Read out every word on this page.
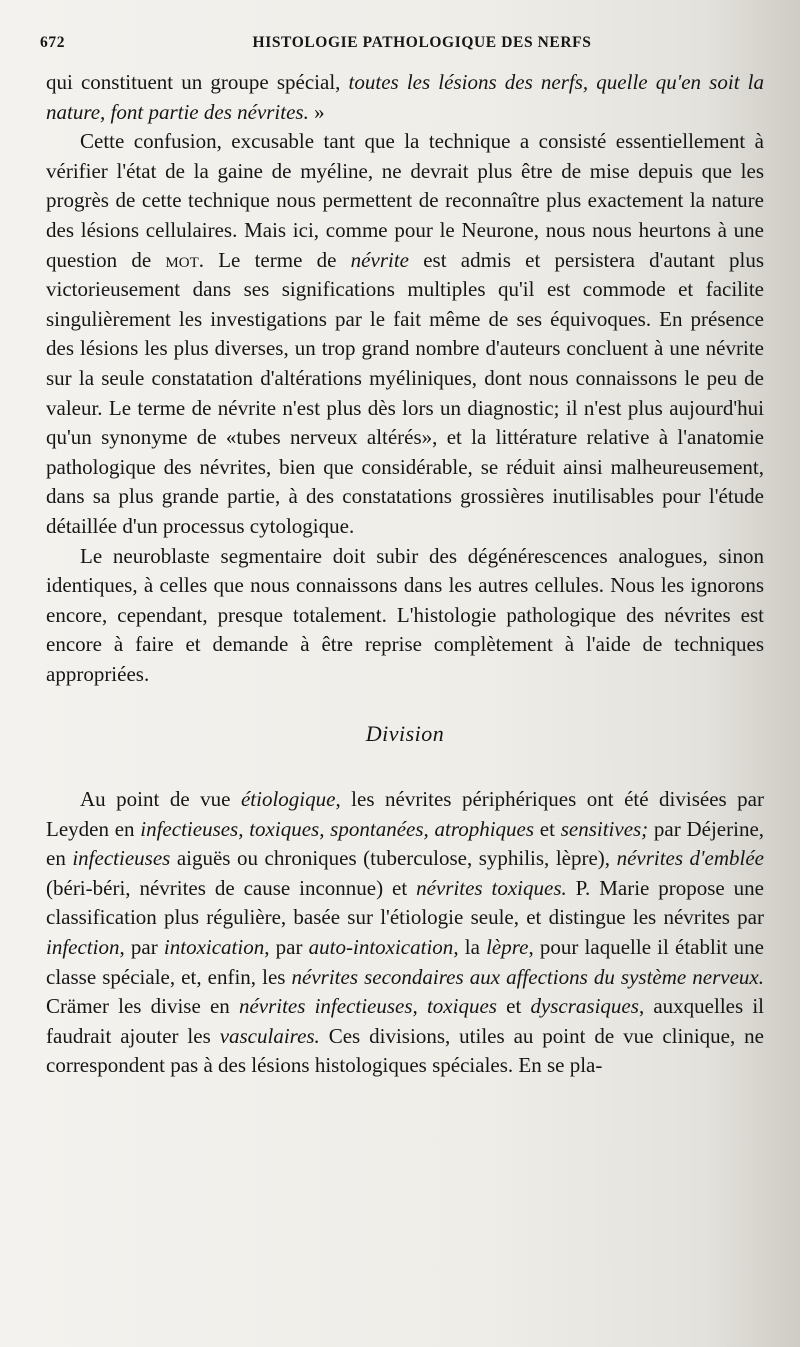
672	HISTOLOGIE PATHOLOGIQUE DES NERFS

qui constituent un groupe spécial, toutes les lésions des nerfs, quelle qu'en soit la nature, font partie des névrites. »

Cette confusion, excusable tant que la technique a consisté essentiellement à vérifier l'état de la gaine de myéline, ne devrait plus être de mise depuis que les progrès de cette technique nous permettent de reconnaître plus exactement la nature des lésions cellulaires. Mais ici, comme pour le Neurone, nous nous heurtons à une question de mot. Le terme de névrite est admis et persistera d'autant plus victorieusement dans ses significations multiples qu'il est commode et facilite singulièrement les investigations par le fait même de ses équivoques. En présence des lésions les plus diverses, un trop grand nombre d'auteurs concluent à une névrite sur la seule constatation d'altérations myéliniques, dont nous connaissons le peu de valeur. Le terme de névrite n'est plus dès lors un diagnostic; il n'est plus aujourd'hui qu'un synonyme de «tubes nerveux altérés», et la littérature relative à l'anatomie pathologique des névrites, bien que considérable, se réduit ainsi malheureusement, dans sa plus grande partie, à des constatations grossières inutilisables pour l'étude détaillée d'un processus cytologique.

Le neuroblaste segmentaire doit subir des dégénérescences analogues, sinon identiques, à celles que nous connaissons dans les autres cellules. Nous les ignorons encore, cependant, presque totalement. L'histologie pathologique des névrites est encore à faire et demande à être reprise complètement à l'aide de techniques appropriées.

Division

Au point de vue étiologique, les névrites périphériques ont été divisées par Leyden en infectieuses, toxiques, spontanées, atrophiques et sensitives; par Déjerine, en infectieuses aiguës ou chroniques (tuberculose, syphilis, lèpre), névrites d'emblée (béri-béri, névrites de cause inconnue) et névrites toxiques. P. Marie propose une classification plus régulière, basée sur l'étiologie seule, et distingue les névrites par infection, par intoxication, par auto-intoxication, la lèpre, pour laquelle il établit une classe spéciale, et, enfin, les névrites secondaires aux affections du système nerveux. Crämer les divise en névrites infectieuses, toxiques et dyscrasiques, auxquelles il faudrait ajouter les vasculaires. Ces divisions, utiles au point de vue clinique, ne correspondent pas à des lésions histologiques spéciales. En se pla-
